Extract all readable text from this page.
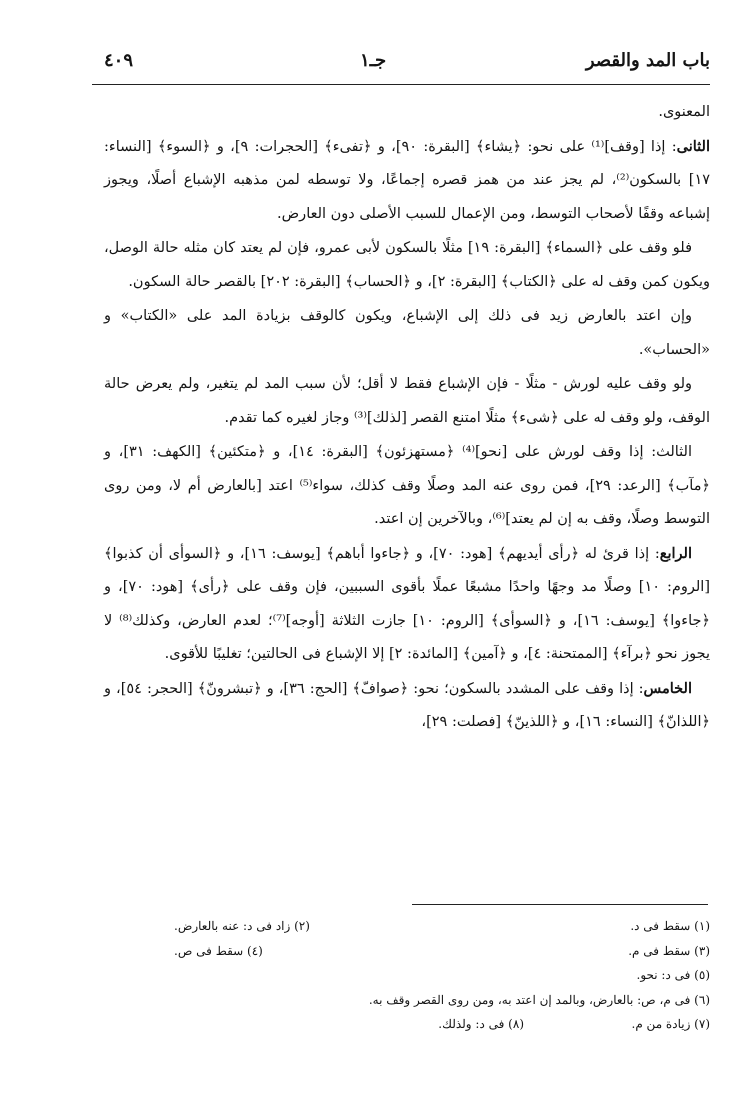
باب المد والقصر
جـ١
٤٠٩

المعنوى.

الثانى: إذا [وقف]⁽¹⁾ على نحو: ﴿يشاء﴾ [البقرة: ٩٠]، و ﴿تفىء﴾ [الحجرات: ٩]، و ﴿السوء﴾ [النساء: ١٧] بالسكون⁽²⁾، لم يجز عند من همز قصره إجماعًا، ولا توسطه لمن مذهبه الإشباع أصلًا، ويجوز إشباعه وقفًا لأصحاب التوسط، ومن الإعمال للسبب الأصلى دون العارض.

فلو وقف على ﴿السماء﴾ [البقرة: ١٩] مثلًا بالسكون لأبى عمرو، فإن لم يعتد كان مثله حالة الوصل، ويكون كمن وقف له على ﴿الكتاب﴾ [البقرة: ٢]، و ﴿الحساب﴾ [البقرة: ٢٠٢] بالقصر حالة السكون.

وإن اعتد بالعارض زيد فى ذلك إلى الإشباع، ويكون كالوقف بزيادة المد على «الكتاب» و «الحساب».

ولو وقف عليه لورش - مثلًا - فإن الإشباع فقط لا أقل؛ لأن سبب المد لم يتغير، ولم يعرض حالة الوقف، ولو وقف له على ﴿شىء﴾ مثلًا امتنع القصر [لذلك]⁽³⁾ وجاز لغيره كما تقدم.

الثالث: إذا وقف لورش على [نحو]⁽⁴⁾ ﴿مستهزئون﴾ [البقرة: ١٤]، و ﴿متكئين﴾ [الكهف: ٣١]، و ﴿مآب﴾ [الرعد: ٢٩]، فمن روى عنه المد وصلًا وقف كذلك، سواء⁽⁵⁾ اعتد [بالعارض أم لا، ومن روى التوسط وصلًا، وقف به إن لم يعتد]⁽⁶⁾، وبالآخرين إن اعتد.

الرابع: إذا قرئ له ﴿رأى أيديهم﴾ [هود: ٧٠]، و ﴿جاءوا أباهم﴾ [يوسف: ١٦]، و ﴿السوأى أن كذبوا﴾ [الروم: ١٠] وصلًا مد وجهًا واحدًا مشبعًا عملًا بأقوى السببين، فإن وقف على ﴿رأى﴾ [هود: ٧٠]، و ﴿جاءوا﴾ [يوسف: ١٦]، و ﴿السوأى﴾ [الروم: ١٠] جازت الثلاثة [أوجه]⁽⁷⁾؛ لعدم العارض، وكذلك⁽⁸⁾ لا يجوز نحو ﴿برآء﴾ [الممتحنة: ٤]، و ﴿آمين﴾ [المائدة: ٢] إلا الإشباع فى الحالتين؛ تغليبًا للأقوى.

الخامس: إذا وقف على المشدد بالسكون؛ نحو: ﴿صوافّ﴾ [الحج: ٣٦]، و ﴿تبشرونّ﴾ [الحجر: ٥٤]، و ﴿اللذانّ﴾ [النساء: ١٦]، و ﴿اللذينّ﴾ [فصلت: ٢٩]،

(١) سقط فى د.
(٢) زاد فى د: عنه بالعارض.
(٣) سقط فى م.
(٤) سقط فى ص.
(٥) فى د: نحو.
(٦) فى م، ص: بالعارض، وبالمد إن اعتد به، ومن روى القصر وقف به.
(٧) زيادة من م.
(٨) فى د: ولذلك.
